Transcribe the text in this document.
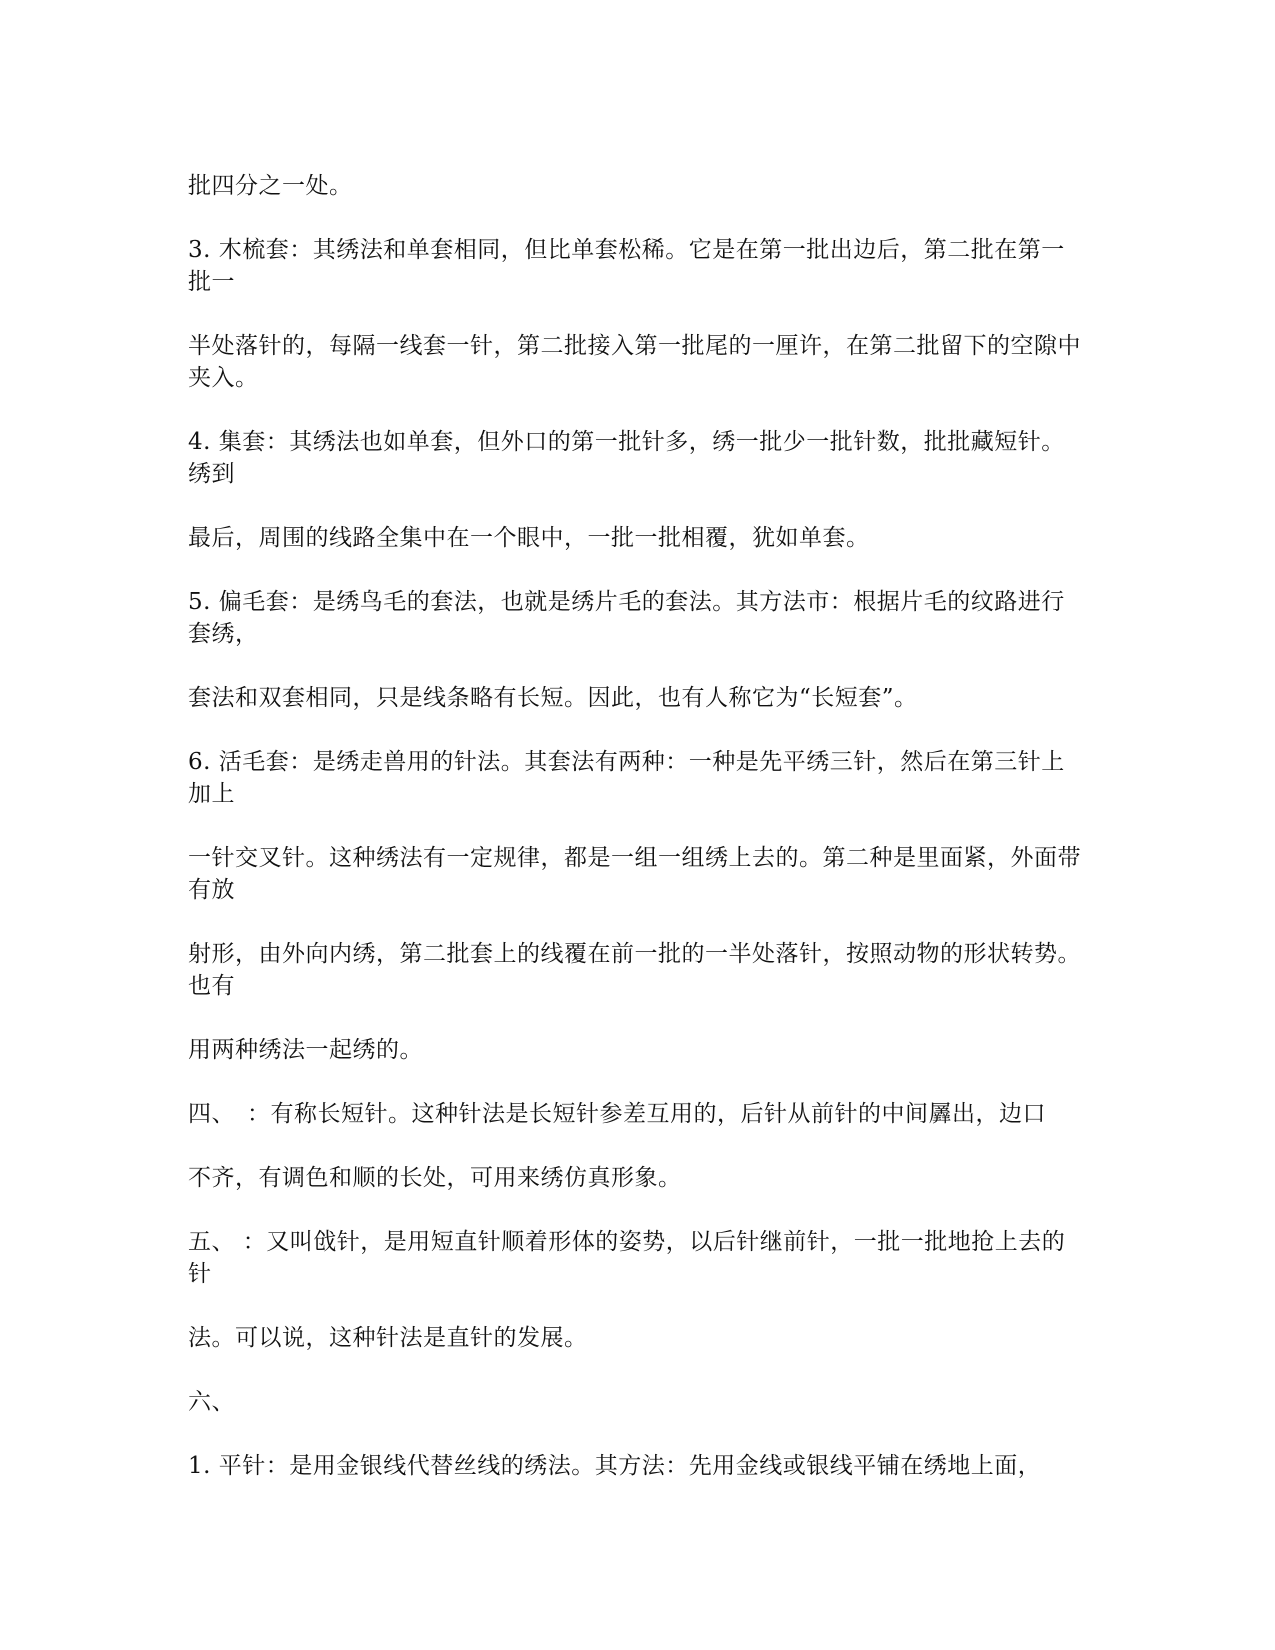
批四分之一处。

3. 木梳套：其绣法和单套相同，但比单套松稀。它是在第一批出边后，第二批在第一批一

半处落针的，每隔一线套一针，第二批接入第一批尾的一厘许，在第二批留下的空隙中夹入。

4. 集套：其绣法也如单套，但外口的第一批针多，绣一批少一批针数，批批藏短针。绣到

最后，周围的线路全集中在一个眼中，一批一批相覆，犹如单套。

5. 偏毛套：是绣鸟毛的套法，也就是绣片毛的套法。其方法市：根据片毛的纹路进行套绣，

套法和双套相同，只是线条略有长短。因此，也有人称它为“长短套”。

6. 活毛套：是绣走兽用的针法。其套法有两种：一种是先平绣三针，然后在第三针上加上

一针交叉针。这种绣法有一定规律，都是一组一组绣上去的。第二种是里面紧，外面带有放

射形，由外向内绣，第二批套上的线覆在前一批的一半处落针，按照动物的形状转势。也有

用两种绣法一起绣的。

四、　：有称长短针。这种针法是长短针参差互用的，后针从前针的中间羼出，边口

不齐，有调色和顺的长处，可用来绣仿真形象。

五、 ：又叫戗针，是用短直针顺着形体的姿势，以后针继前针，一批一批地抢上去的针

法。可以说，这种针法是直针的发展。

六、

1. 平针：是用金银线代替丝线的绣法。其方法：先用金线或银线平铺在绣地上面，
